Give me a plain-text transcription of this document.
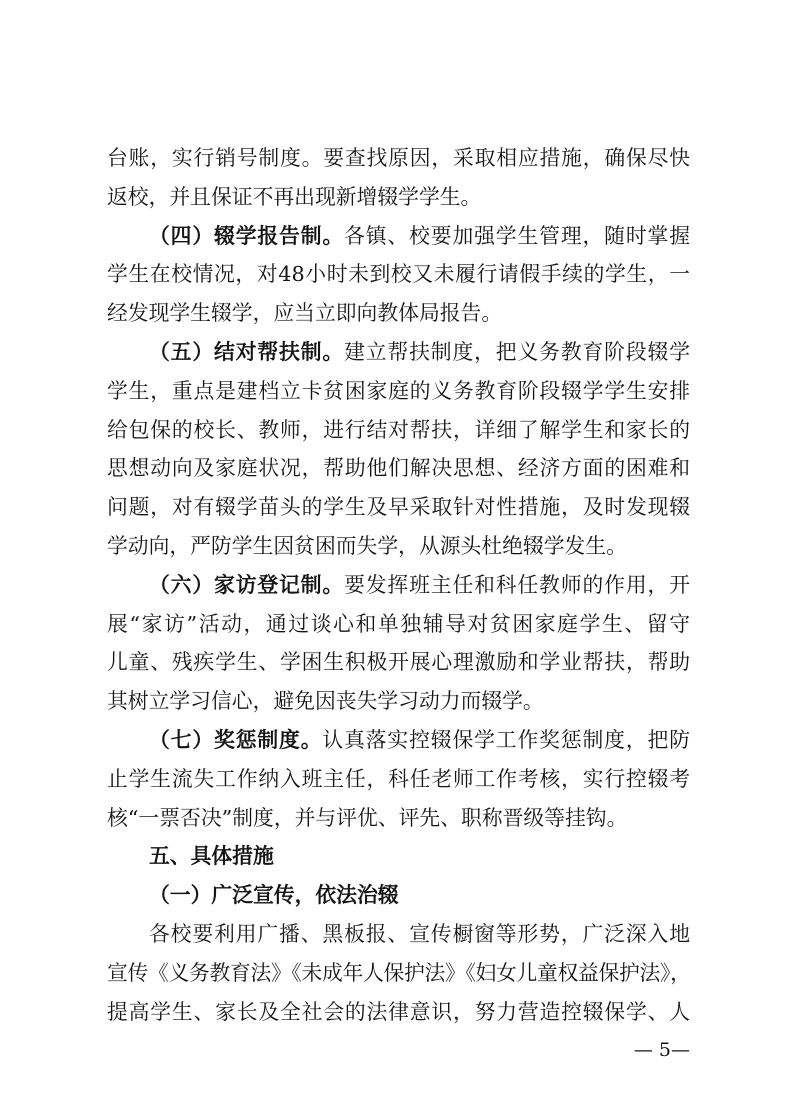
台账，实行销号制度。要查找原因，采取相应措施，确保尽快
返校，并且保证不再出现新增辍学学生。
（四）辍学报告制。各镇、校要加强学生管理，随时掌握
学生在校情况，对48小时未到校又未履行请假手续的学生，一
经发现学生辍学，应当立即向教体局报告。
（五）结对帮扶制。建立帮扶制度，把义务教育阶段辍学
学生，重点是建档立卡贫困家庭的义务教育阶段辍学学生安排
给包保的校长、教师，进行结对帮扶，详细了解学生和家长的
思想动向及家庭状况，帮助他们解决思想、经济方面的困难和
问题，对有辍学苗头的学生及早采取针对性措施，及时发现辍
学动向，严防学生因贫困而失学，从源头杜绝辍学发生。
（六）家访登记制。要发挥班主任和科任教师的作用，开
展“家访”活动，通过谈心和单独辅导对贫困家庭学生、留守
儿童、残疾学生、学困生积极开展心理激励和学业帮扶，帮助
其树立学习信心，避免因丧失学习动力而辍学。
（七）奖惩制度。认真落实控辍保学工作奖惩制度，把防
止学生流失工作纳入班主任，科任老师工作考核，实行控辍考
核“一票否决”制度，并与评优、评先、职称晋级等挂钩。
五、具体措施
（一）广泛宣传，依法治辍
各校要利用广播、黑板报、宣传橱窗等形势，广泛深入地
宣传《义务教育法》《未成年人保护法》《妇女儿童权益保护法》，
提高学生、家长及全社会的法律意识，努力营造控辍保学、人
— 5—
